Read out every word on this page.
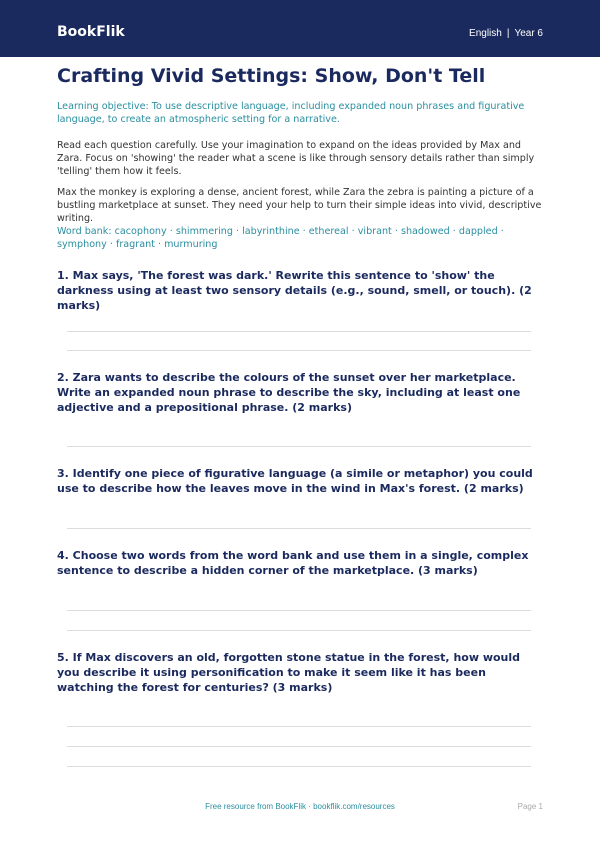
BookFlik	English | Year 6
Crafting Vivid Settings: Show, Don't Tell

Learning objective: To use descriptive language, including expanded noun phrases and figurative language, to create an atmospheric setting for a narrative.

Read each question carefully. Use your imagination to expand on the ideas provided by Max and Zara. Focus on 'showing' the reader what a scene is like through sensory details rather than simply 'telling' them how it feels.

Max the monkey is exploring a dense, ancient forest, while Zara the zebra is painting a picture of a bustling marketplace at sunset. They need your help to turn their simple ideas into vivid, descriptive writing.

Word bank: cacophony · shimmering · labyrinthine · ethereal · vibrant · shadowed · dappled · symphony · fragrant · murmuring

1. Max says, 'The forest was dark.' Rewrite this sentence to 'show' the darkness using at least two sensory details (e.g., sound, smell, or touch). (2 marks)

2. Zara wants to describe the colours of the sunset over her marketplace. Write an expanded noun phrase to describe the sky, including at least one adjective and a prepositional phrase. (2 marks)

3. Identify one piece of figurative language (a simile or metaphor) you could use to describe how the leaves move in the wind in Max's forest. (2 marks)

4. Choose two words from the word bank and use them in a single, complex sentence to describe a hidden corner of the marketplace. (3 marks)

5. If Max discovers an old, forgotten stone statue in the forest, how would you describe it using personification to make it seem like it has been watching the forest for centuries? (3 marks)

Free resource from BookFlik · bookflik.com/resources	Page 1
